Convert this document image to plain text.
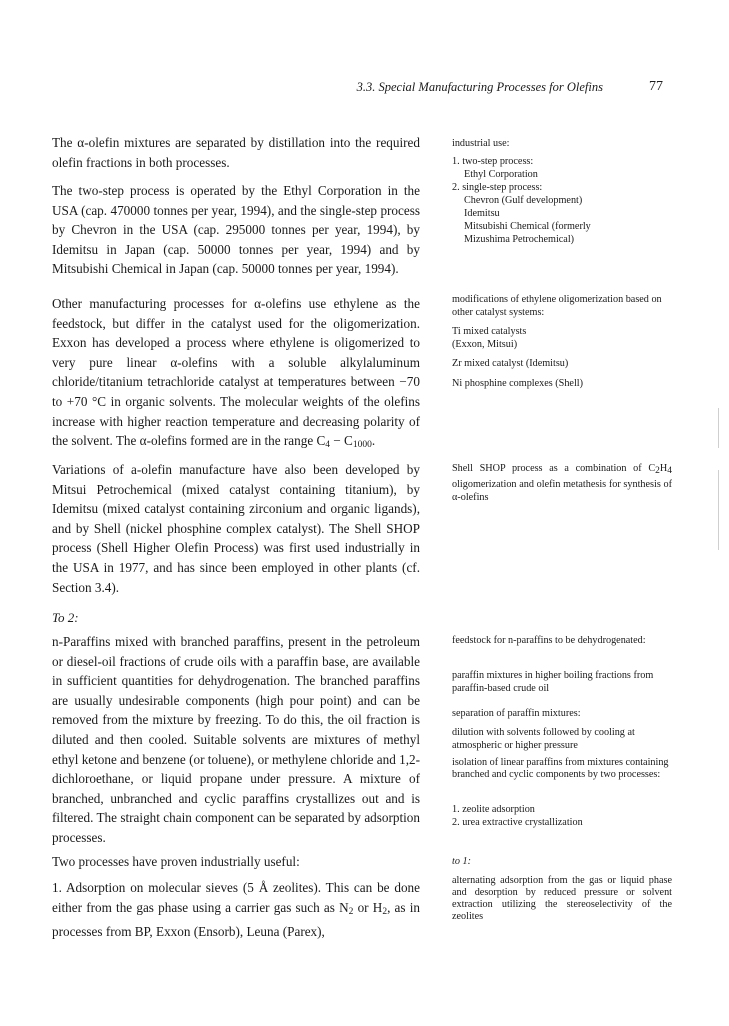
3.3. Special Manufacturing Processes for Olefins	77

The α-olefin mixtures are separated by distillation into the required olefin fractions in both processes.

The two-step process is operated by the Ethyl Corporation in the USA (cap. 470000 tonnes per year, 1994), and the single-step process by Chevron in the USA (cap. 295000 tonnes per year, 1994), by Idemitsu in Japan (cap. 50000 tonnes per year, 1994) and by Mitsubishi Chemical in Japan (cap. 50000 tonnes per year, 1994).

Other manufacturing processes for α-olefins use ethylene as the feedstock, but differ in the catalyst used for the oligomerization. Exxon has developed a process where ethylene is oligomerized to very pure linear α-olefins with a soluble alkylaluminum chloride/titanium tetrachloride catalyst at temperatures between −70 to +70 °C in organic solvents. The molecular weights of the olefins increase with higher reaction temperature and decreasing polarity of the solvent. The α-olefins formed are in the range $C_4 - C_{1000}$.

Variations of a-olefin manufacture have also been developed by Mitsui Petrochemical (mixed catalyst containing titanium), by Idemitsu (mixed catalyst containing zirconium and organic ligands), and by Shell (nickel phosphine complex catalyst). The Shell SHOP process (Shell Higher Olefin Process) was first used industrially in the USA in 1977, and has since been employed in other plants (cf. Section 3.4).

To 2:

n-Paraffins mixed with branched paraffins, present in the petroleum or diesel-oil fractions of crude oils with a paraffin base, are available in sufficient quantities for dehydrogenation. The branched paraffins are usually undesirable components (high pour point) and can be removed from the mixture by freezing. To do this, the oil fraction is diluted and then cooled. Suitable solvents are mixtures of methyl ethyl ketone and benzene (or toluene), or methylene chloride and 1,2-dichloroethane, or liquid propane under pressure. A mixture of branched, unbranched and cyclic paraffins crystallizes out and is filtered. The straight chain component can be separated by adsorption processes.

Two processes have proven industrially useful:

1. Adsorption on molecular sieves (5 Å zeolites). This can be done either from the gas phase using a carrier gas such as $N_2$ or $H_2$, as in processes from BP, Exxon (Ensorb), Leuna (Parex),

industrial use:

1. two-step process:
Ethyl Corporation
2. single-step process:
Chevron (Gulf development)
Idemitsu
Mitsubishi Chemical (formerly
Mizushima Petrochemical)

modifications of ethylene oligomerization based on other catalyst systems:

Ti mixed catalysts
(Exxon, Mitsui)

Zr mixed catalyst (Idemitsu)

Ni phosphine complexes (Shell)

Shell SHOP process as a combination of $C_2H_4$ oligomerization and olefin metathesis for synthesis of α-olefins

feedstock for n-paraffins to be dehydrogenated:

paraffin mixtures in higher boiling fractions from paraffin-based crude oil

separation of paraffin mixtures:

dilution with solvents followed by cooling at atmospheric or higher pressure

isolation of linear paraffins from mixtures containing branched and cyclic components by two processes:

1. zeolite adsorption
2. urea extractive crystallization

to 1:

alternating adsorption from the gas or liquid phase and desorption by reduced pressure or solvent extraction utilizing the stereoselectivity of the zeolites
